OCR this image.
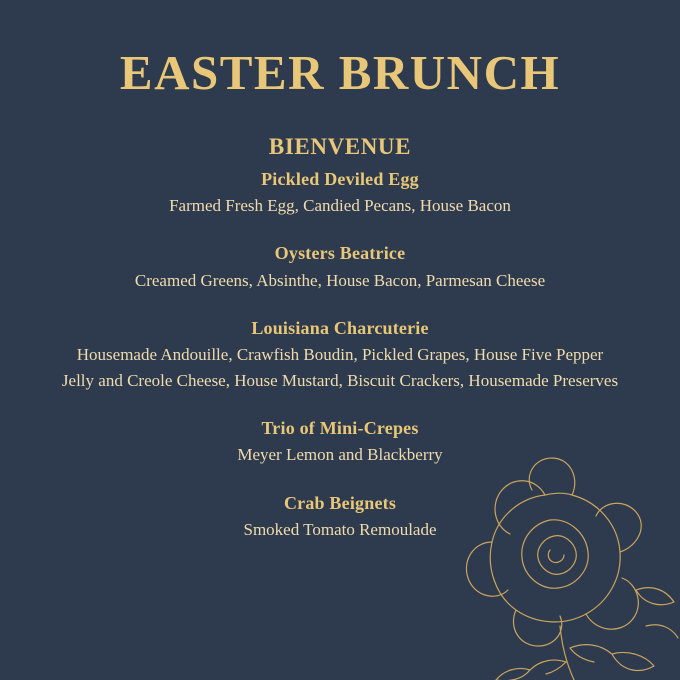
EASTER BRUNCH
BIENVENUE

Pickled Deviled Egg

Farmed Fresh Egg, Candied Pecans, House Bacon

Oysters Beatrice

Creamed Greens, Absinthe, House Bacon, Parmesan Cheese

Louisiana Charcuterie

Housemade Andouille, Crawfish Boudin, Pickled Grapes, House Five Pepper Jelly and Creole Cheese, House Mustard, Biscuit Crackers, Housemade Preserves

Trio of Mini-Crepes

Meyer Lemon and Blackberry

Crab Beignets

Smoked Tomato Remoulade
